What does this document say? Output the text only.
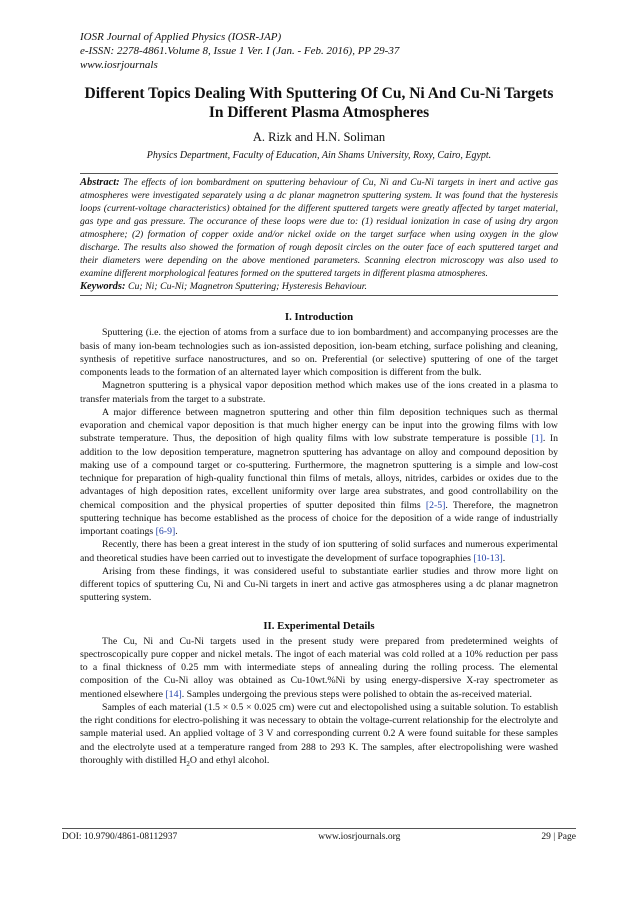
IOSR Journal of Applied Physics (IOSR-JAP)
e-ISSN: 2278-4861.Volume 8, Issue 1 Ver. I (Jan. - Feb. 2016), PP 29-37
www.iosrjournals
Different Topics Dealing With Sputtering Of Cu, Ni And Cu-Ni Targets In Different Plasma Atmospheres
A. Rizk and H.N. Soliman
Physics Department, Faculty of Education, Ain Shams University, Roxy, Cairo, Egypt.
Abstract: The effects of ion bombardment on sputtering behaviour of Cu, Ni and Cu-Ni targets in inert and active gas atmospheres were investigated separately using a dc planar magnetron sputtering system. It was found that the hysteresis loops (current-voltage characteristics) obtained for the different sputtered targets were greatly affected by target material, gas type and gas pressure. The occurance of these loops were due to: (1) residual ionization in case of using dry argon atmosphere; (2) formation of copper oxide and/or nickel oxide on the target surface when using oxygen in the glow discharge. The results also showed the formation of rough deposit circles on the outer face of each sputtered target and their diameters were depending on the above mentioned parameters. Scanning electron microscopy was also used to examine different morphological features formed on the sputtered targets in different plasma atmospheres.
Keywords: Cu; Ni; Cu-Ni; Magnetron Sputtering; Hysteresis Behaviour.
I. Introduction

Sputtering (i.e. the ejection of atoms from a surface due to ion bombardment) and accompanying processes are the basis of many ion-beam technologies such as ion-assisted deposition, ion-beam etching, surface polishing and cleaning, synthesis of repetitive surface nanostructures, and so on. Preferential (or selective) sputtering of one of the target components leads to the formation of an alternated layer which composition is different from the bulk.

Magnetron sputtering is a physical vapor deposition method which makes use of the ions created in a plasma to transfer materials from the target to a substrate.

A major difference between magnetron sputtering and other thin film deposition techniques such as thermal evaporation and chemical vapor deposition is that much higher energy can be input into the growing films with low substrate temperature. Thus, the deposition of high quality films with low substrate temperature is possible [1]. In addition to the low deposition temperature, magnetron sputtering has advantage on alloy and compound deposition by making use of a compound target or co-sputtering. Furthermore, the magnetron sputtering is a simple and low-cost technique for preparation of high-quality functional thin films of metals, alloys, nitrides, carbides or oxides due to the advantages of high deposition rates, excellent uniformity over large area substrates, and good controllability on the chemical composition and the physical properties of sputter deposited thin films [2-5]. Therefore, the magnetron sputtering technique has become established as the process of choice for the deposition of a wide range of industrially important coatings [6-9].

Recently, there has been a great interest in the study of ion sputtering of solid surfaces and numerous experimental and theoretical studies have been carried out to investigate the development of surface topographies [10-13].

Arising from these findings, it was considered useful to substantiate earlier studies and throw more light on different topics of sputtering Cu, Ni and Cu-Ni targets in inert and active gas atmospheres using a dc planar magnetron sputtering system.

II. Experimental Details

The Cu, Ni and Cu-Ni targets used in the present study were prepared from predetermined weights of spectroscopically pure copper and nickel metals. The ingot of each material was cold rolled at a 10% reduction per pass to a final thickness of 0.25 mm with intermediate steps of annealing during the rolling process. The elemental composition of the Cu-Ni alloy was obtained as Cu-10wt.%Ni by using energy-dispersive X-ray spectrometer as mentioned elsewhere [14]. Samples undergoing the previous steps were polished to obtain the as-received material.

Samples of each material (1.5 × 0.5 × 0.025 cm) were cut and electopolished using a suitable solution. To establish the right conditions for electro-polishing it was necessary to obtain the voltage-current relationship for the electrolyte and sample material used. An applied voltage of 3 V and corresponding current 0.2 A were found suitable for these samples and the electrolyte used at a temperature ranged from 288 to 293 K. The samples, after electropolishing were washed thoroughly with distilled $H_2O$ and ethyl alcohol.

DOI: 10.9790/4861-08112937	www.iosrjournals.org	29 | Page
